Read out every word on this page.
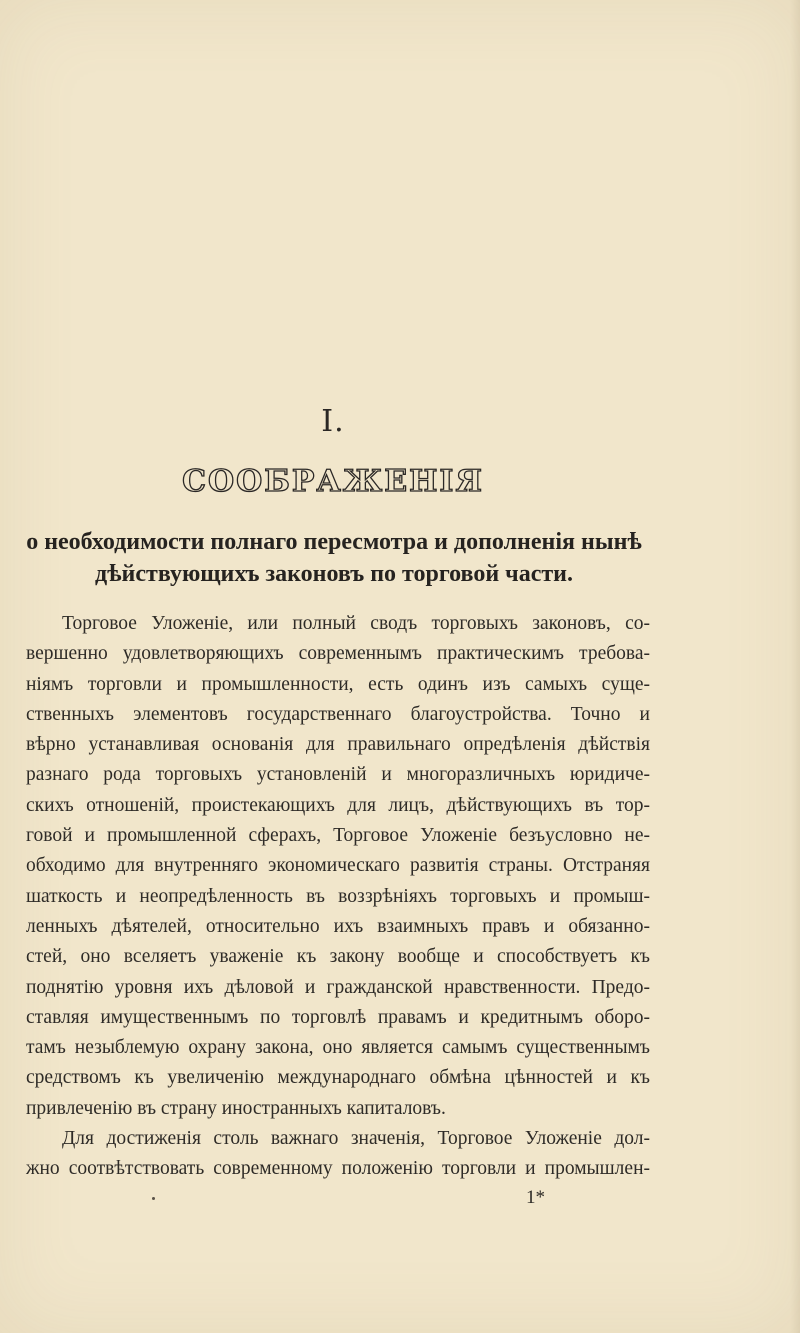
I.
СООБРАЖЕНІЯ
о необходимости полнаго пересмотра и дополненія нынѣ
дѣйствующихъ законовъ по торговой части.
Торговое Уложеніе, или полный сводъ торговыхъ законовъ, со-
вершенно удовлетворяющихъ современнымъ практическимъ требова-
ніямъ торговли и промышленности, есть одинъ изъ самыхъ суще-
ственныхъ элементовъ государственнаго благоустройства. Точно и
вѣрно устанавливая основанія для правильнаго опредѣленія дѣйствія
разнаго рода торговыхъ установленій и многоразличныхъ юридиче-
скихъ отношеній, проистекающихъ для лицъ, дѣйствующихъ въ тор-
говой и промышленной сферахъ, Торговое Уложеніе безъусловно не-
обходимо для внутренняго экономическаго развитія страны. Отстраняя
шаткость и неопредѣленность въ воззрѣніяхъ торговыхъ и промыш-
ленныхъ дѣятелей, относительно ихъ взаимныхъ правъ и обязанно-
стей, оно вселяетъ уваженіе къ закону вообще и способствуетъ къ
поднятію уровня ихъ дѣловой и гражданской нравственности. Предо-
ставляя имущественнымъ по торговлѣ правамъ и кредитнымъ оборо-
тамъ незыблемую охрану закона, оно является самымъ существеннымъ
средствомъ къ увеличенію международнаго обмѣна цѣнностей и къ
привлеченію въ страну иностранныхъ капиталовъ.
Для достиженія столь важнаго значенія, Торговое Уложеніе дол-
жно соотвѣтствовать современному положенію торговли и промышлен-
1*
